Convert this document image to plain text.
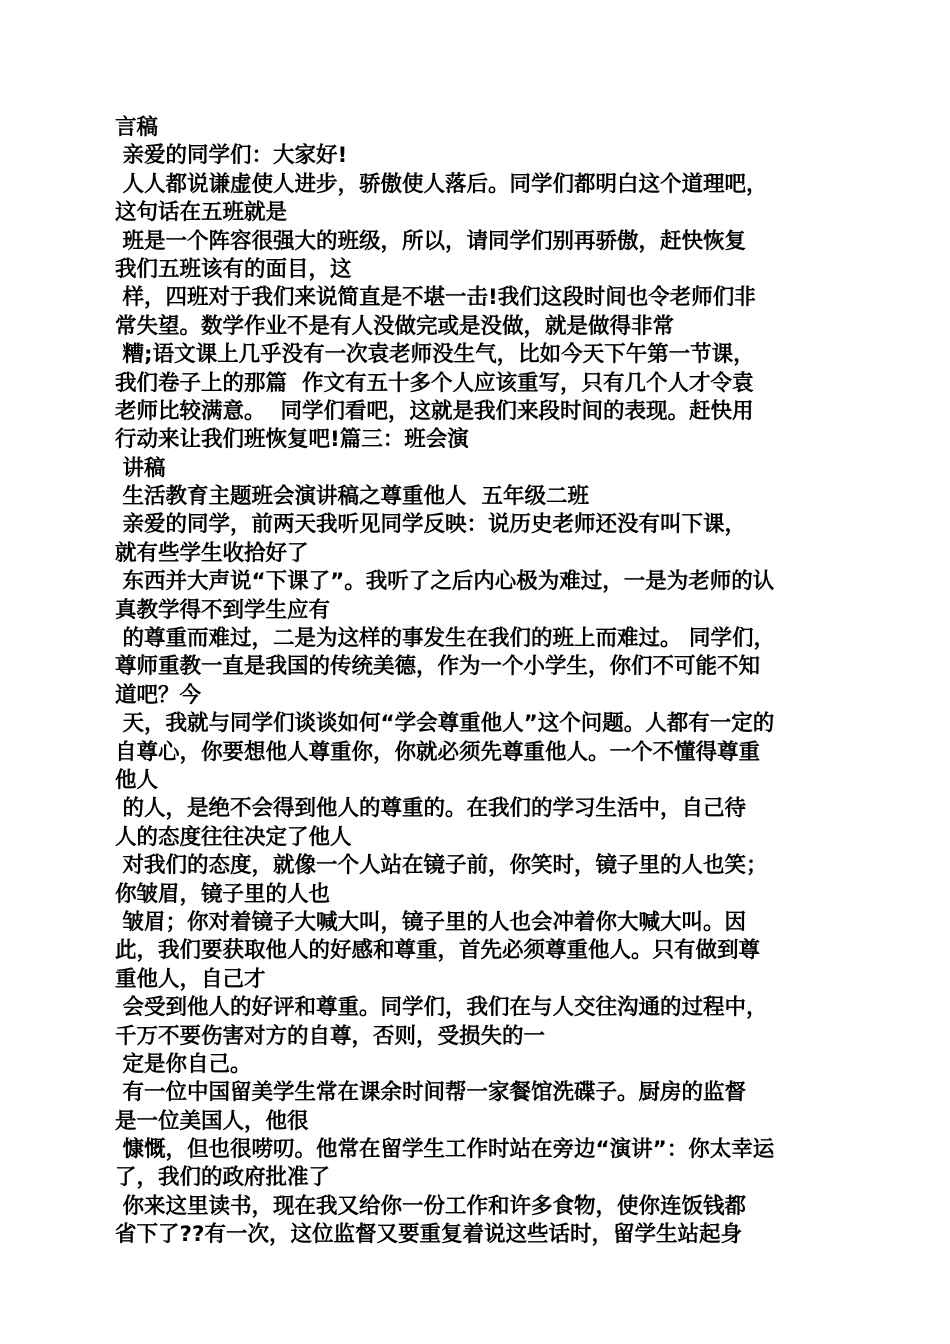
言稿
亲爱的同学们：大家好!
人人都说谦虚使人进步，骄傲使人落后。同学们都明白这个道理吧，
这句话在五班就是
班是一个阵容很强大的班级，所以，请同学们别再骄傲，赶快恢复
我们五班该有的面目，这
样，四班对于我们来说简直是不堪一击!我们这段时间也令老师们非
常失望。数学作业不是有人没做完或是没做，就是做得非常
糟;语文课上几乎没有一次袁老师没生气，比如今天下午第一节课，
我们卷子上的那篇  作文有五十多个人应该重写，只有几个人才令袁
老师比较满意。  同学们看吧，这就是我们来段时间的表现。赶快用
行动来让我们班恢复吧!篇三：班会演
讲稿
生活教育主题班会演讲稿之尊重他人  五年级二班
亲爱的同学，前两天我听见同学反映：说历史老师还没有叫下课，
就有些学生收拾好了
东西并大声说“下课了”。我听了之后内心极为难过，一是为老师的认
真教学得不到学生应有
的尊重而难过，二是为这样的事发生在我们的班上而难过。 同学们，
尊师重教一直是我国的传统美德，作为一个小学生，你们不可能不知
道吧？今
天，我就与同学们谈谈如何“学会尊重他人”这个问题。人都有一定的
自尊心，你要想他人尊重你，你就必须先尊重他人。一个不懂得尊重
他人
的人，是绝不会得到他人的尊重的。在我们的学习生活中，自己待
人的态度往往决定了他人
对我们的态度，就像一个人站在镜子前，你笑时，镜子里的人也笑；
你皱眉，镜子里的人也
皱眉；你对着镜子大喊大叫，镜子里的人也会冲着你大喊大叫。因
此，我们要获取他人的好感和尊重，首先必须尊重他人。只有做到尊
重他人，自己才
会受到他人的好评和尊重。同学们，我们在与人交往沟通的过程中，
千万不要伤害对方的自尊，否则，受损失的一
定是你自己。
有一位中国留美学生常在课余时间帮一家餐馆洗碟子。厨房的监督
是一位美国人，他很
慷慨，但也很唠叨。他常在留学生工作时站在旁边“演讲”：你太幸运
了，我们的政府批准了
你来这里读书，现在我又给你一份工作和许多食物，使你连饭钱都
省下了??有一次，这位监督又要重复着说这些话时，留学生站起身
